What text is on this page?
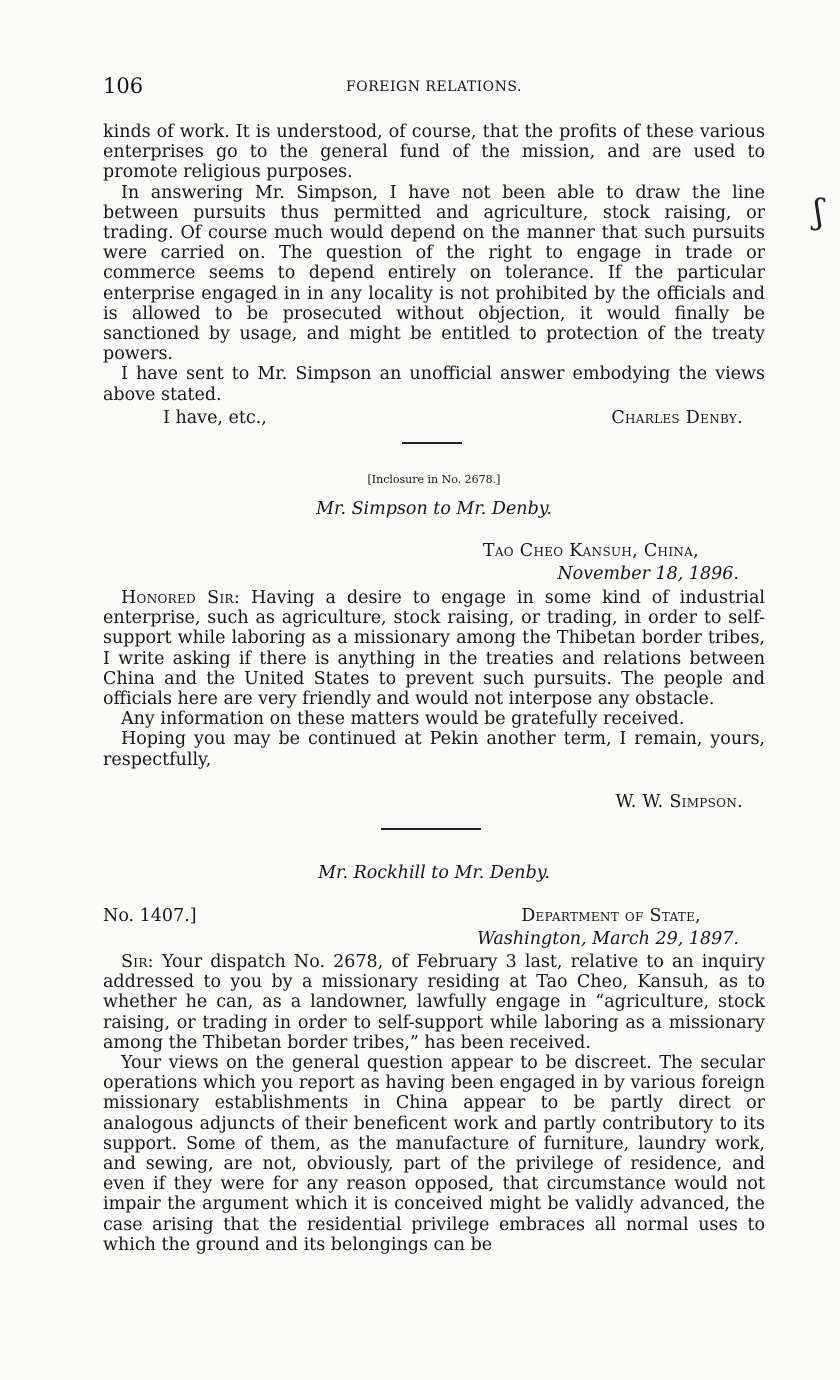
106	FOREIGN RELATIONS.
ʃ

kinds of work. It is understood, of course, that the profits of these various enterprises go to the general fund of the mission, and are used to promote religious purposes.

In answering Mr. Simpson, I have not been able to draw the line between pursuits thus permitted and agriculture, stock raising, or trading. Of course much would depend on the manner that such pursuits were carried on. The question of the right to engage in trade or commerce seems to depend entirely on tolerance. If the particular enterprise engaged in in any locality is not prohibited by the officials and is allowed to be prosecuted without objection, it would finally be sanctioned by usage, and might be entitled to protection of the treaty powers.

I have sent to Mr. Simpson an unofficial answer embodying the views above stated.

I have, etc.,	Charles Denby.
[Inclosure in No. 2678.]
Mr. Simpson to Mr. Denby.
Tao Cheo Kansuh, China,
November 18, 1896.

Honored Sir: Having a desire to engage in some kind of industrial enterprise, such as agriculture, stock raising, or trading, in order to self-support while laboring as a missionary among the Thibetan border tribes, I write asking if there is anything in the treaties and relations between China and the United States to prevent such pursuits. The people and officials here are very friendly and would not interpose any obstacle.

Any information on these matters would be gratefully received.

Hoping you may be continued at Pekin another term, I remain, yours, respectfully,

W. W. Simpson.
Mr. Rockhill to Mr. Denby.
No. 1407.]	Department of State,
Washington, March 29, 1897.

Sir: Your dispatch No. 2678, of February 3 last, relative to an inquiry addressed to you by a missionary residing at Tao Cheo, Kansuh, as to whether he can, as a landowner, lawfully engage in “agriculture, stock raising, or trading in order to self-support while laboring as a missionary among the Thibetan border tribes,” has been received.

Your views on the general question appear to be discreet. The secular operations which you report as having been engaged in by various foreign missionary establishments in China appear to be partly direct or analogous adjuncts of their beneficent work and partly contributory to its support. Some of them, as the manufacture of furniture, laundry work, and sewing, are not, obviously, part of the privilege of residence, and even if they were for any reason opposed, that circumstance would not impair the argument which it is conceived might be validly advanced, the case arising that the residential privilege embraces all normal uses to which the ground and its belongings can be
